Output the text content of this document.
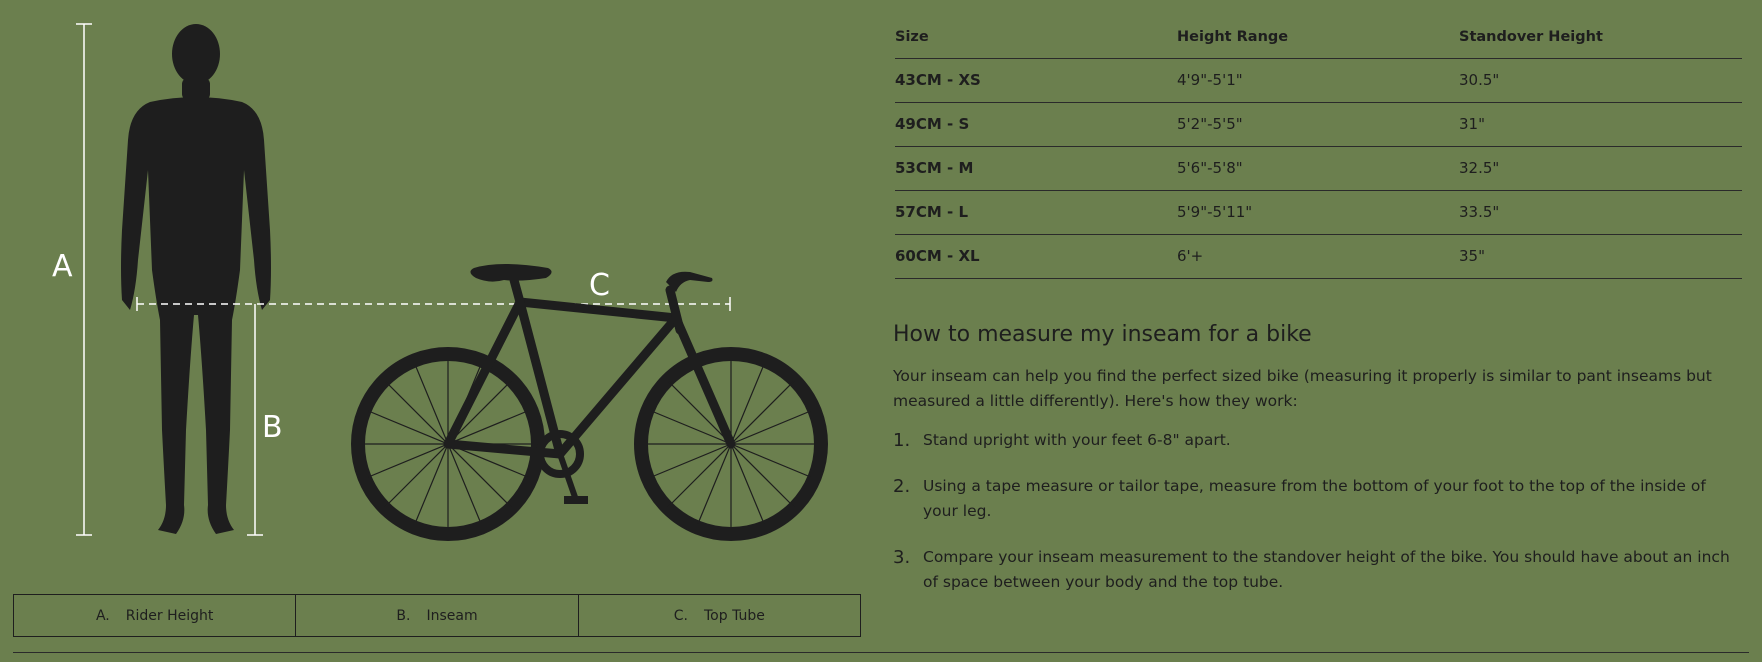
A
B
C
A. Rider Height	B. Inseam	C. Top Tube
Size	Height Range	Standover Height
43CM - XS	4'9"-5'1"	30.5"
49CM - S	5'2"-5'5"	31"
53CM - M	5'6"-5'8"	32.5"
57CM - L	5'9"-5'11"	33.5"
60CM - XL	6'+	35"
How to measure my inseam for a bike

Your inseam can help you find the perfect sized bike (measuring it properly is similar to pant inseams but measured a little differently). Here's how they work:

1. Stand upright with your feet 6-8" apart.
2. Using a tape measure or tailor tape, measure from the bottom of your foot to the top of the inside of your leg.
3. Compare your inseam measurement to the standover height of the bike. You should have about an inch of space between your body and the top tube.
